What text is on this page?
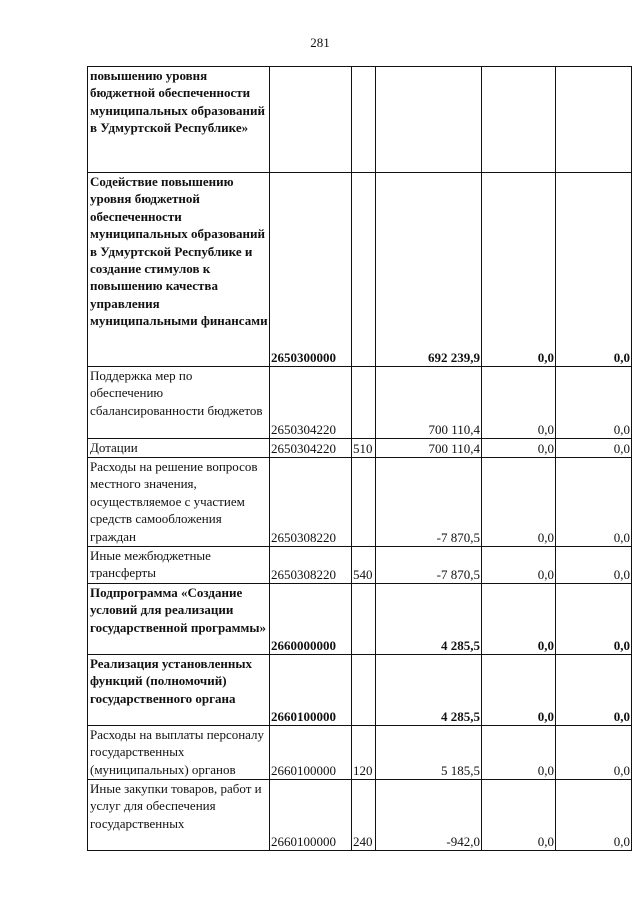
281
повышению уровня бюджетной обеспеченности муниципальных образований в Удмуртской Республике»					
Содействие повышению уровня бюджетной обеспеченности муниципальных образований в Удмуртской Республике и создание стимулов к повышению качества управления муниципальными финансами	2650300000		692 239,9	0,0	0,0
Поддержка мер по обеспечению сбалансированности бюджетов	2650304220		700 110,4	0,0	0,0
Дотации	2650304220	510	700 110,4	0,0	0,0
Расходы на решение вопросов местного значения, осуществляемое с участием средств самообложения граждан	2650308220		-7 870,5	0,0	0,0
Иные межбюджетные трансферты	2650308220	540	-7 870,5	0,0	0,0
Подпрограмма «Создание условий для реализации государственной программы»	2660000000		4 285,5	0,0	0,0
Реализация установленных функций (полномочий) государственного органа	2660100000		4 285,5	0,0	0,0
Расходы на выплаты персоналу государственных (муниципальных) органов	2660100000	120	5 185,5	0,0	0,0
Иные закупки товаров, работ и услуг для обеспечения государственных	2660100000	240	-942,0	0,0	0,0
